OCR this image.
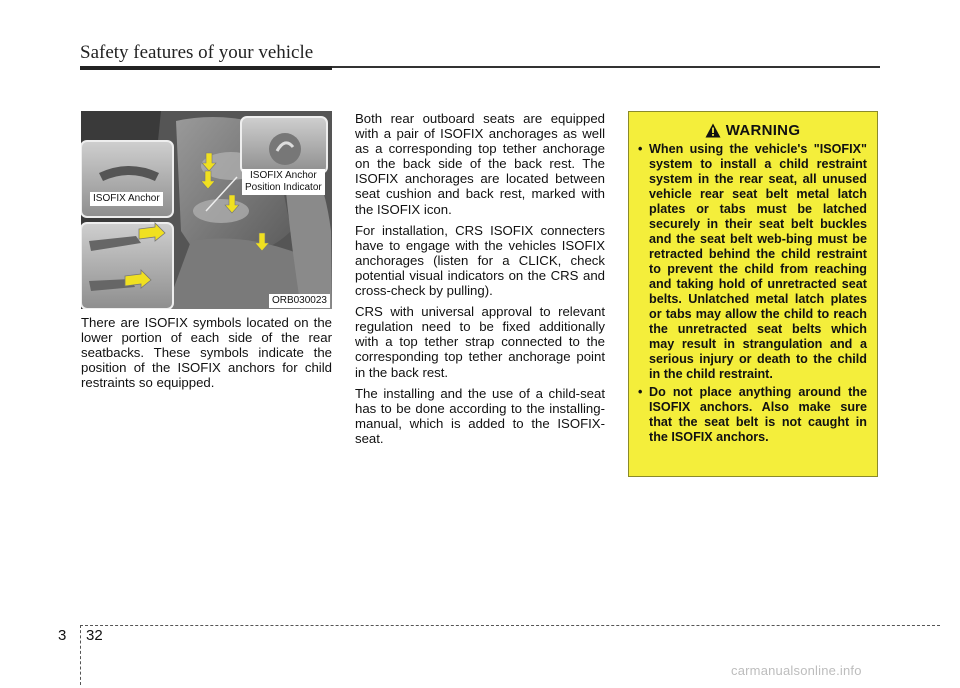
Safety features of your vehicle
ISOFIX Anchor
ISOFIX Anchor
Position Indicator
ORB030023

There are ISOFIX symbols located on the lower portion of each side of the rear seatbacks. These symbols indicate the position of the ISOFIX anchors for child restraints so equipped.

Both rear outboard seats are equipped with a pair of ISOFIX anchorages as well as a corresponding top tether anchorage on the back side of the back rest. The ISOFIX anchorages are located between seat cushion and back rest, marked with the ISOFIX icon.

For installation, CRS ISOFIX connecters have to engage with the vehicles ISOFIX anchorages (listen for a CLICK, check potential visual indicators on the CRS and cross-check by pulling).

CRS with universal approval to relevant regulation need to be fixed additionally with a top tether strap connected to the corresponding top tether anchorage point in the back rest.

The installing and the use of a child-seat has to be done according to the installing-manual, which is added to the ISOFIX-seat.

WARNING

• When using the vehicle's "ISOFIX" system to install a child restraint system in the rear seat, all unused vehicle rear seat belt metal latch plates or tabs must be latched securely in their seat belt buckles and the seat belt web-bing must be retracted behind the child restraint to prevent the child from reaching and taking hold of unretracted seat belts. Unlatched metal latch plates or tabs may allow the child to reach the unretracted seat belts which may result in strangulation and a serious injury or death to the child in the child restraint.

• Do not place anything around the ISOFIX anchors. Also make sure that the seat belt is not caught in the ISOFIX anchors.

3 32
carmanualsonline.info
